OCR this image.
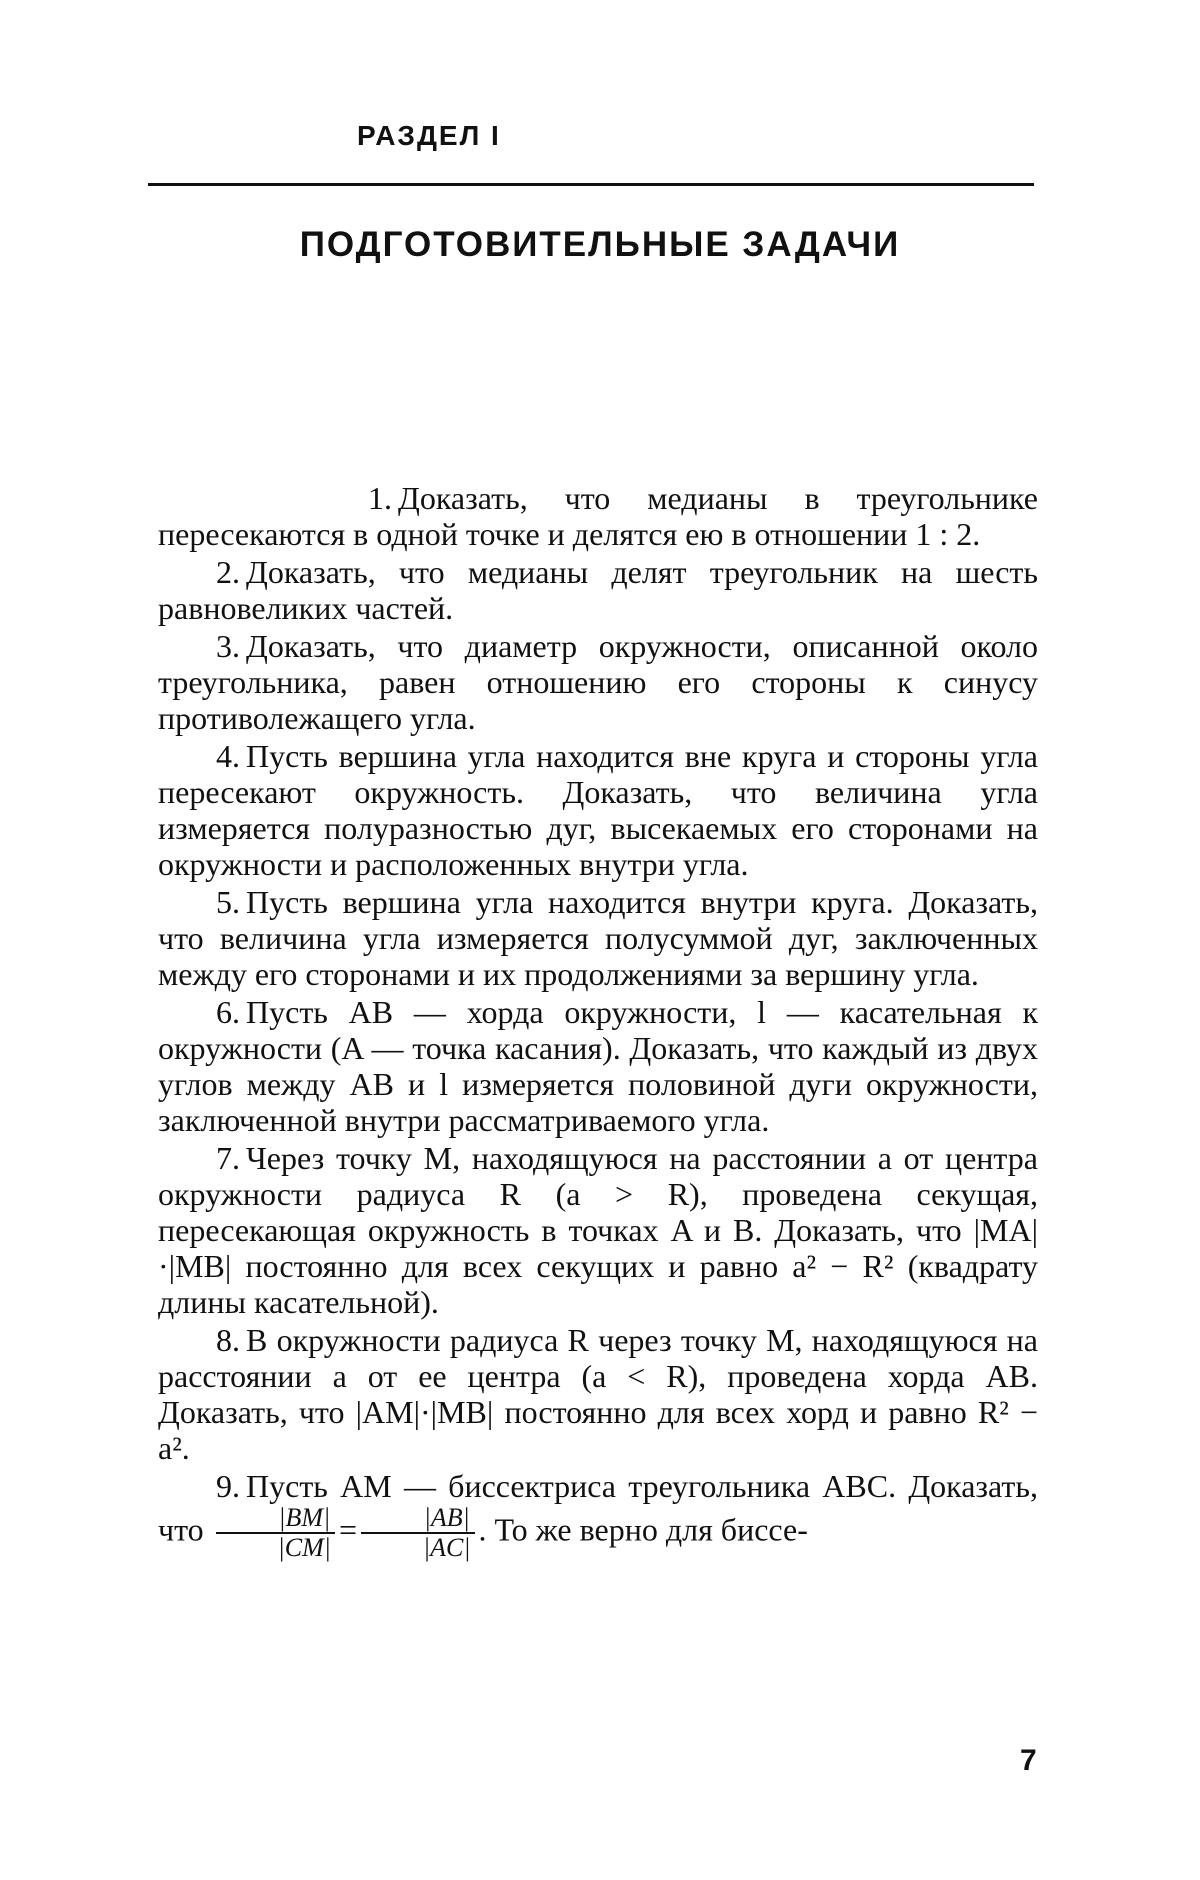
РАЗДЕЛ I
ПОДГОТОВИТЕЛЬНЫЕ ЗАДАЧИ

1. Доказать, что медианы в треугольнике пересекаются в одной точке и делятся ею в отношении 1 : 2.

2. Доказать, что медианы делят треугольник на шесть равновеликих частей.

3. Доказать, что диаметр окружности, описанной около треугольника, равен отношению его стороны к синусу противолежащего угла.

4. Пусть вершина угла находится вне круга и стороны угла пересекают окружность. Доказать, что величина угла измеряется полуразностью дуг, высекаемых его сторонами на окружности и расположенных внутри угла.

5. Пусть вершина угла находится внутри круга. Доказать, что величина угла измеряется полусуммой дуг, заключенных между его сторонами и их продолжениями за вершину угла.

6. Пусть AB — хорда окружности, l — касательная к окружности (A — точка касания). Доказать, что каждый из двух углов между AB и l измеряется половиной дуги окружности, заключенной внутри рассматриваемого угла.

7. Через точку M, находящуюся на расстоянии a от центра окружности радиуса R (a > R), проведена секущая, пересекающая окружность в точках A и B. Доказать, что |MA|·|MB| постоянно для всех секущих и равно a² − R² (квадрату длины касательной).

8. В окружности радиуса R через точку M, находящуюся на расстоянии a от ее центра (a < R), проведена хорда AB. Доказать, что |AM|·|MB| постоянно для всех хорд и равно R² − a².

9. Пусть AM — биссектриса треугольника ABC. Доказать, что $\frac{|BM|}{|CM|} = \frac{|AB|}{|AC|}$ . То же верно для биссе-

7
